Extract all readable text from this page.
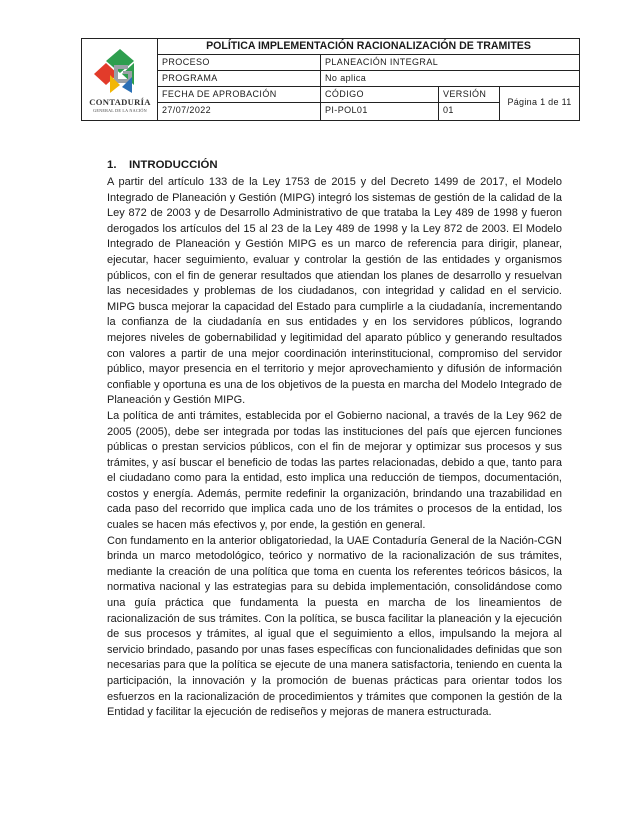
CONTADURÍA
GENERAL DE LA NACIÓN
POLÍTICA IMPLEMENTACIÓN RACIONALIZACIÓN DE TRAMITES
PROCESO	PLANEACIÓN INTEGRAL
PROGRAMA	No aplica
FECHA DE APROBACIÓN	CÓDIGO	VERSIÓN
27/07/2022	PI-POL01	01
Página 1 de 11
1. INTRODUCCIÓN

A partir del artículo 133 de la Ley 1753 de 2015 y del Decreto 1499 de 2017, el Modelo Integrado de Planeación y Gestión (MIPG) integró los sistemas de gestión de la calidad de la Ley 872 de 2003 y de Desarrollo Administrativo de que trataba la Ley 489 de 1998 y fueron derogados los artículos del 15 al 23 de la Ley 489 de 1998 y la Ley 872 de 2003. El Modelo Integrado de Planeación y Gestión MIPG es un marco de referencia para dirigir, planear, ejecutar, hacer seguimiento, evaluar y controlar la gestión de las entidades y organismos públicos, con el fin de generar resultados que atiendan los planes de desarrollo y resuelvan las necesidades y problemas de los ciudadanos, con integridad y calidad en el servicio. MIPG busca mejorar la capacidad del Estado para cumplirle a la ciudadanía, incrementando la confianza de la ciudadanía en sus entidades y en los servidores públicos, logrando mejores niveles de gobernabilidad y legitimidad del aparato público y generando resultados con valores a partir de una mejor coordinación interinstitucional, compromiso del servidor público, mayor presencia en el territorio y mejor aprovechamiento y difusión de información confiable y oportuna es una de los objetivos de la puesta en marcha del Modelo Integrado de Planeación y Gestión MIPG.

La política de anti trámites, establecida por el Gobierno nacional, a través de la Ley 962 de 2005 (2005), debe ser integrada por todas las instituciones del país que ejercen funciones públicas o prestan servicios públicos, con el fin de mejorar y optimizar sus procesos y sus trámites, y así buscar el beneficio de todas las partes relacionadas, debido a que, tanto para el ciudadano como para la entidad, esto implica una reducción de tiempos, documentación, costos y energía. Además, permite redefinir la organización, brindando una trazabilidad en cada paso del recorrido que implica cada uno de los trámites o procesos de la entidad, los cuales se hacen más efectivos y, por ende, la gestión en general.

Con fundamento en la anterior obligatoriedad, la UAE Contaduría General de la Nación-CGN brinda un marco metodológico, teórico y normativo de la racionalización de sus trámites, mediante la creación de una política que toma en cuenta los referentes teóricos básicos, la normativa nacional y las estrategias para su debida implementación, consolidándose como una guía práctica que fundamenta la puesta en marcha de los lineamientos de racionalización de sus trámites. Con la política, se busca facilitar la planeación y la ejecución de sus procesos y trámites, al igual que el seguimiento a ellos, impulsando la mejora al servicio brindado, pasando por unas fases específicas con funcionalidades definidas que son necesarias para que la política se ejecute de una manera satisfactoria, teniendo en cuenta la participación, la innovación y la promoción de buenas prácticas para orientar todos los esfuerzos en la racionalización de procedimientos y trámites que componen la gestión de la Entidad y facilitar la ejecución de rediseños y mejoras de manera estructurada.
